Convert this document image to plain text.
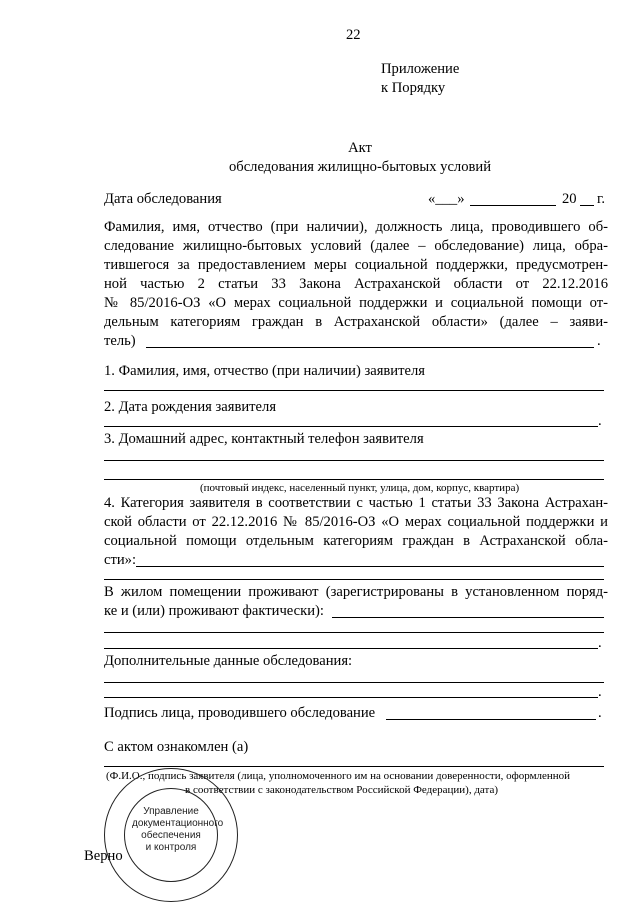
22
Приложение
к Порядку
Акт
обследования жилищно-бытовых условий
Дата обследования	«___»	20 г.
Фамилия, имя, отчество (при наличии), должность лица, проводившего об-
следование жилищно-бытовых условий (далее – обследование) лица, обра-
тившегося за предоставлением меры социальной поддержки, предусмотрен-
ной частью 2 статьи 33 Закона Астраханской области от 22.12.2016
№ 85/2016-ОЗ «О мерах социальной поддержки и социальной помощи от-
дельным категориям граждан в Астраханской области» (далее – заяви-
тель)	.
1. Фамилия, имя, отчество (при наличии) заявителя
2. Дата рождения заявителя
.
3. Домашний адрес, контактный телефон заявителя
(почтовый индекс, населенный пункт, улица, дом, корпус, квартира)
4. Категория заявителя в соответствии с частью 1 статьи 33 Закона Астрахан-
ской области от 22.12.2016 № 85/2016-ОЗ «О мерах социальной поддержки и
социальной помощи отдельным категориям граждан в Астраханской обла-
сти»:
В жилом помещении проживают (зарегистрированы в установленном поряд-
ке и (или) проживают фактически):
.
Дополнительные данные обследования:
.
Подпись лица, проводившего обследование	.
С актом ознакомлен (а)
(Ф.И.О., подпись заявителя (лица, уполномоченного им на основании доверенности, оформленной
в соответствии с законодательством Российской Федерации), дата)
Управление
документационного
обеспечения
и контроля
Верно
